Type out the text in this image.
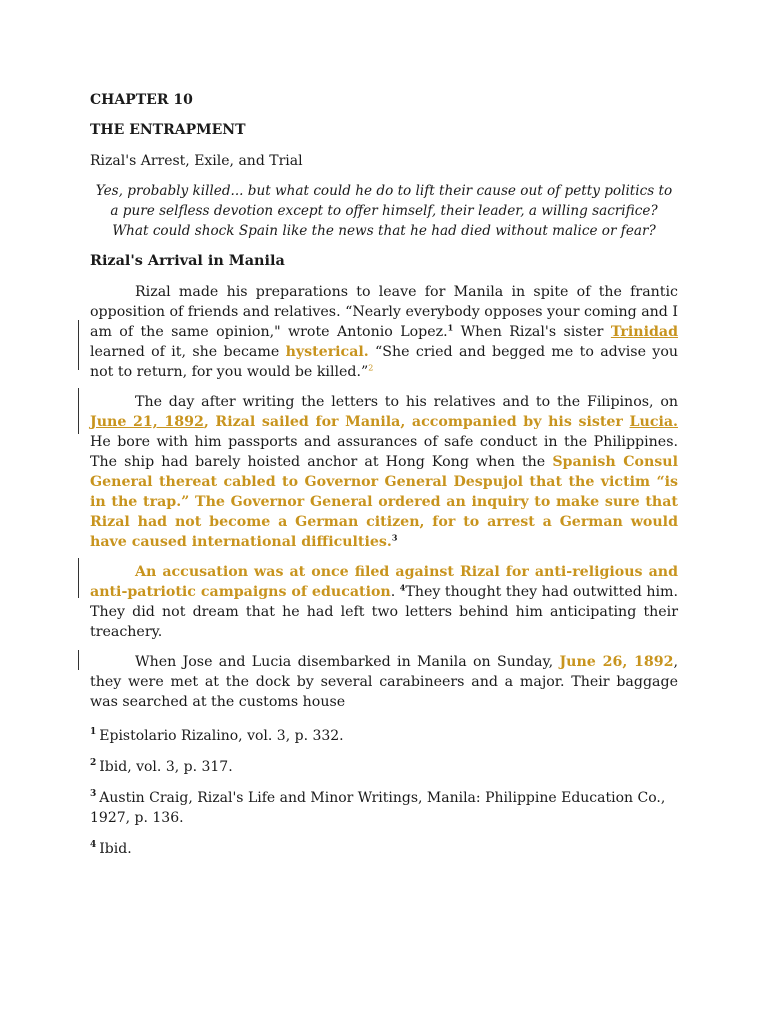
CHAPTER 10
THE ENTRAPMENT
Rizal's Arrest, Exile, and Trial
Yes, probably killed... but what could he do to lift their cause out of petty politics to a pure selfless devotion except to offer himself, their leader, a willing sacrifice? What could shock Spain like the news that he had died without malice or fear?
Rizal's Arrival in Manila

Rizal made his preparations to leave for Manila in spite of the frantic opposition of friends and relatives. “Nearly everybody opposes your coming and I am of the same opinion," wrote Antonio Lopez.$^1$ When Rizal's sister Trinidad learned of it, she became hysterical. “She cried and begged me to advise you not to return, for you would be killed.”$^2$

The day after writing the letters to his relatives and to the Filipinos, on June 21, 1892, Rizal sailed for Manila, accompanied by his sister Lucia. He bore with him passports and assurances of safe conduct in the Philippines. The ship had barely hoisted anchor at Hong Kong when the Spanish Consul General thereat cabled to Governor General Despujol that the victim “is in the trap.” The Governor General ordered an inquiry to make sure that Rizal had not become a German citizen, for to arrest a German would have caused international difficulties.$^3$

An accusation was at once filed against Rizal for anti-religious and anti-patriotic campaigns of education. $^4$They thought they had outwitted him. They did not dream that he had left two letters behind him anticipating their treachery.

When Jose and Lucia disembarked in Manila on Sunday, June 26, 1892, they were met at the dock by several carabineers and a major. Their baggage was searched at the customs house

$^1$ Epistolario Rizalino, vol. 3, p. 332.
$^2$ Ibid, vol. 3, p. 317.
$^3$ Austin Craig, Rizal's Life and Minor Writings, Manila: Philippine Education Co., 1927, p. 136.
$^4$ Ibid.
